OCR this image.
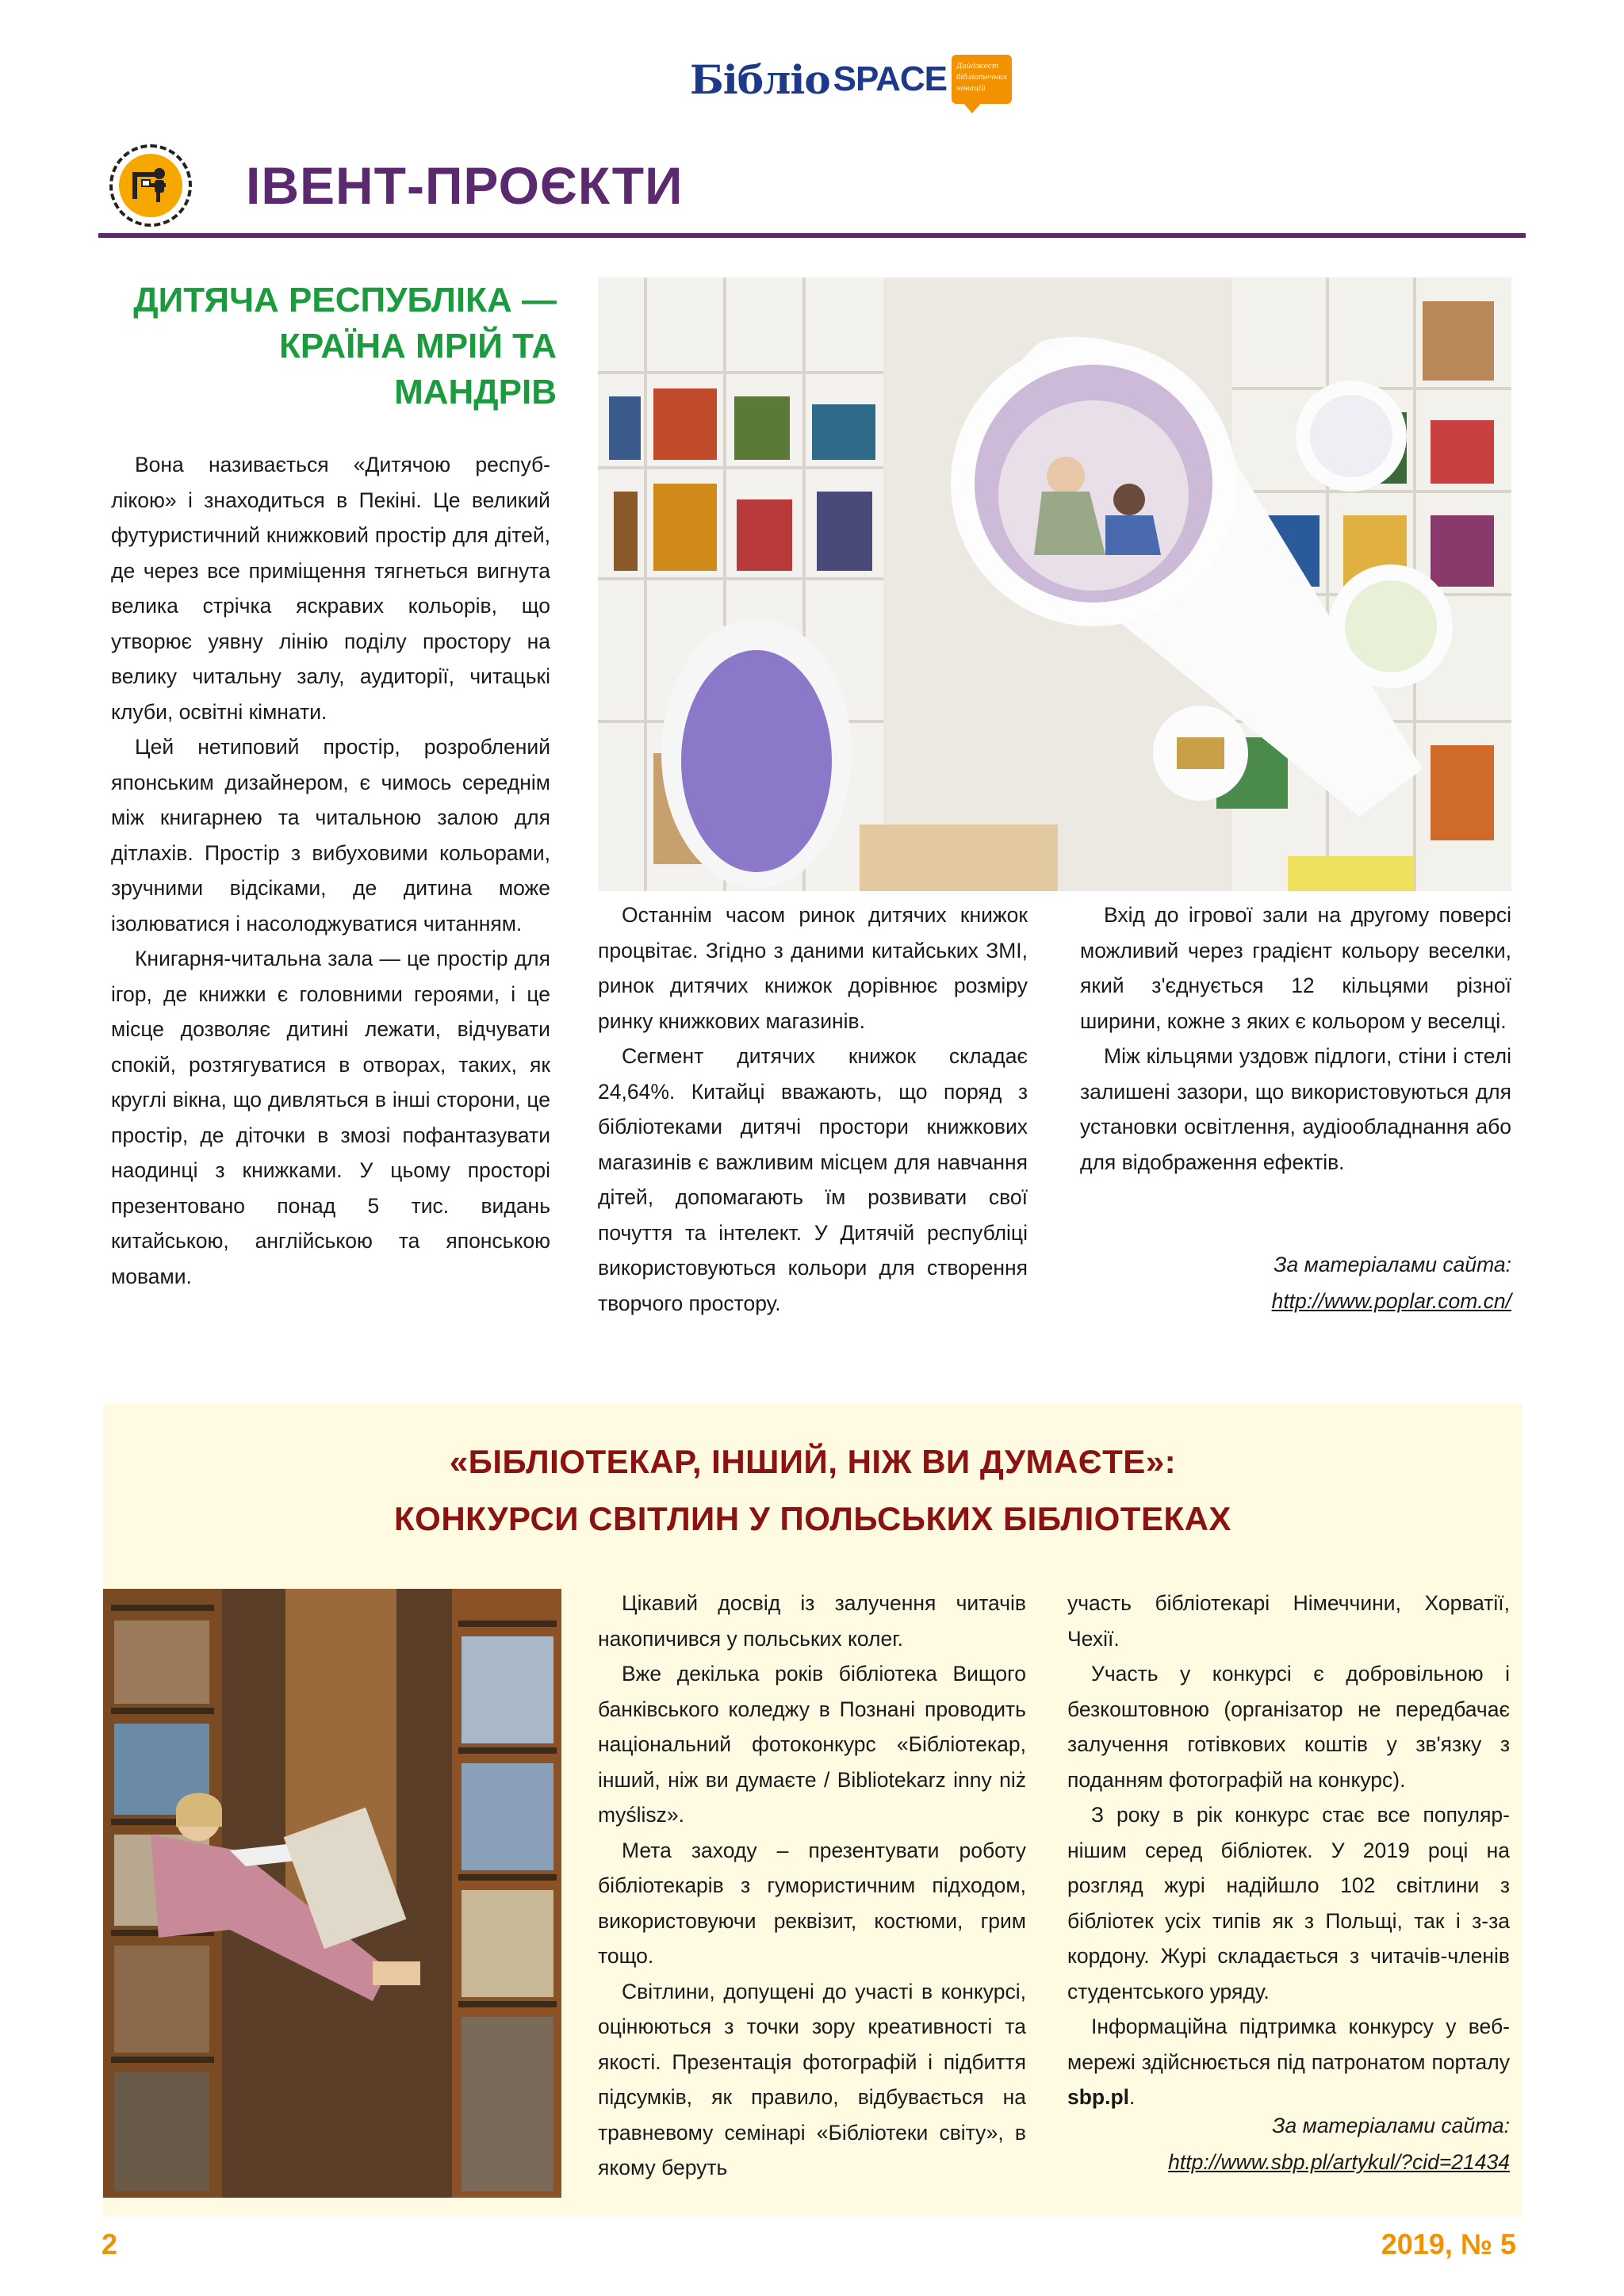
Бібліо SPACE Дайджест
бібліотечних
новацій
ІВЕНТ-ПРОЄКТИ
ДИТЯЧА РЕСПУБЛІКА — КРАЇНА МРІЙ ТА МАНДРІВ

Вона називається «Дитячою республікою» і знаходиться в Пекіні. Це великий футуристичний книжковий простір для дітей, де через все приміщення тягнеться вигнута велика стрічка яскравих кольорів, що утворює уявну лінію поділу простору на велику читальну залу, аудиторії, читацькі клуби, освітні кімнати.

Цей нетиповий простір, розроблений японським дизайнером, є чимось середнім між книгарнею та читальною залою для дітлахів. Простір з вибуховими кольорами, зручними відсіками, де дитина може ізолюватися і насолоджуватися читанням.

Книгарня-читальна зала — це простір для ігор, де книжки є головними героями, і це місце дозволяє дитині лежати, відчувати спокій, розтягуватися в отворах, таких, як круглі вікна, що дивляться в інші сторони, це простір, де діточки в змозі пофантазувати наодинці з книжками. У цьому просторі презентовано понад 5 тис. видань китайською, англійською та японською мовами.

Останнім часом ринок дитячих книжок процвітає. Згідно з даними китайських ЗМІ, ринок дитячих книжок дорівнює розміру ринку книжкових магазинів.

Сегмент дитячих книжок складає 24,64%. Китайці вважають, що поряд з бібліотеками дитячі простори книжкових магазинів є важливим місцем для навчання дітей, допомагають їм розвивати свої почуття та інтелект. У Дитячій республіці використовуються кольори для створення творчого простору.

Вхід до ігрової зали на другому поверсі можливий через градієнт кольору веселки, який з'єднується 12 кільцями різної ширини, кожне з яких є кольором у веселці.

Між кільцями уздовж підлоги, стіни і стелі залишені зазори, що використовуються для установки освітлення, аудіообладнання або для відображення ефектів.

За матеріалами сайта:
http://www.poplar.com.cn/
«БІБЛІОТЕКАР, ІНШИЙ, НІЖ ВИ ДУМАЄТЕ»:
КОНКУРСИ СВІТЛИН У ПОЛЬСЬКИХ БІБЛІОТЕКАХ

Цікавий досвід із залучення читачів накопичився у польських колег.

Вже декілька років бібліотека Вищого банківського коледжу в Познані проводить національний фотоконкурс «Бібліотекар, інший, ніж ви думаєте / Bibliotekarz inny niż myślisz».

Мета заходу – презентувати роботу бібліотекарів з гумористичним підходом, використовуючи реквізит, костюми, грим тощо.

Світлини, допущені до участі в конкурсі, оцінюються з точки зору креативності та якості. Презентація фотографій і підбиття підсумків, як правило, відбувається на травневому семінарі «Бібліотеки світу», в якому беруть

участь бібліотекарі Німеччини, Хорватії, Чехії.

Участь у конкурсі є добровільною і безкоштовною (організатор не передбачає залучення готівкових коштів у зв'язку з поданням фотографій на конкурс).

З року в рік конкурс стає все популярнішим серед бібліотек. У 2019 році на розгляд журі надійшло 102 світлини з бібліотек усіх типів як з Польщі, так і з-за кордону. Журі складається з читачів-членів студентського уряду.

Інформаційна підтримка конкурсу у веб-мережі здійснюється під патронатом порталу sbp.pl.

За матеріалами сайта:
http://www.sbp.pl/artykul/?cid=21434
2	2019, № 5
